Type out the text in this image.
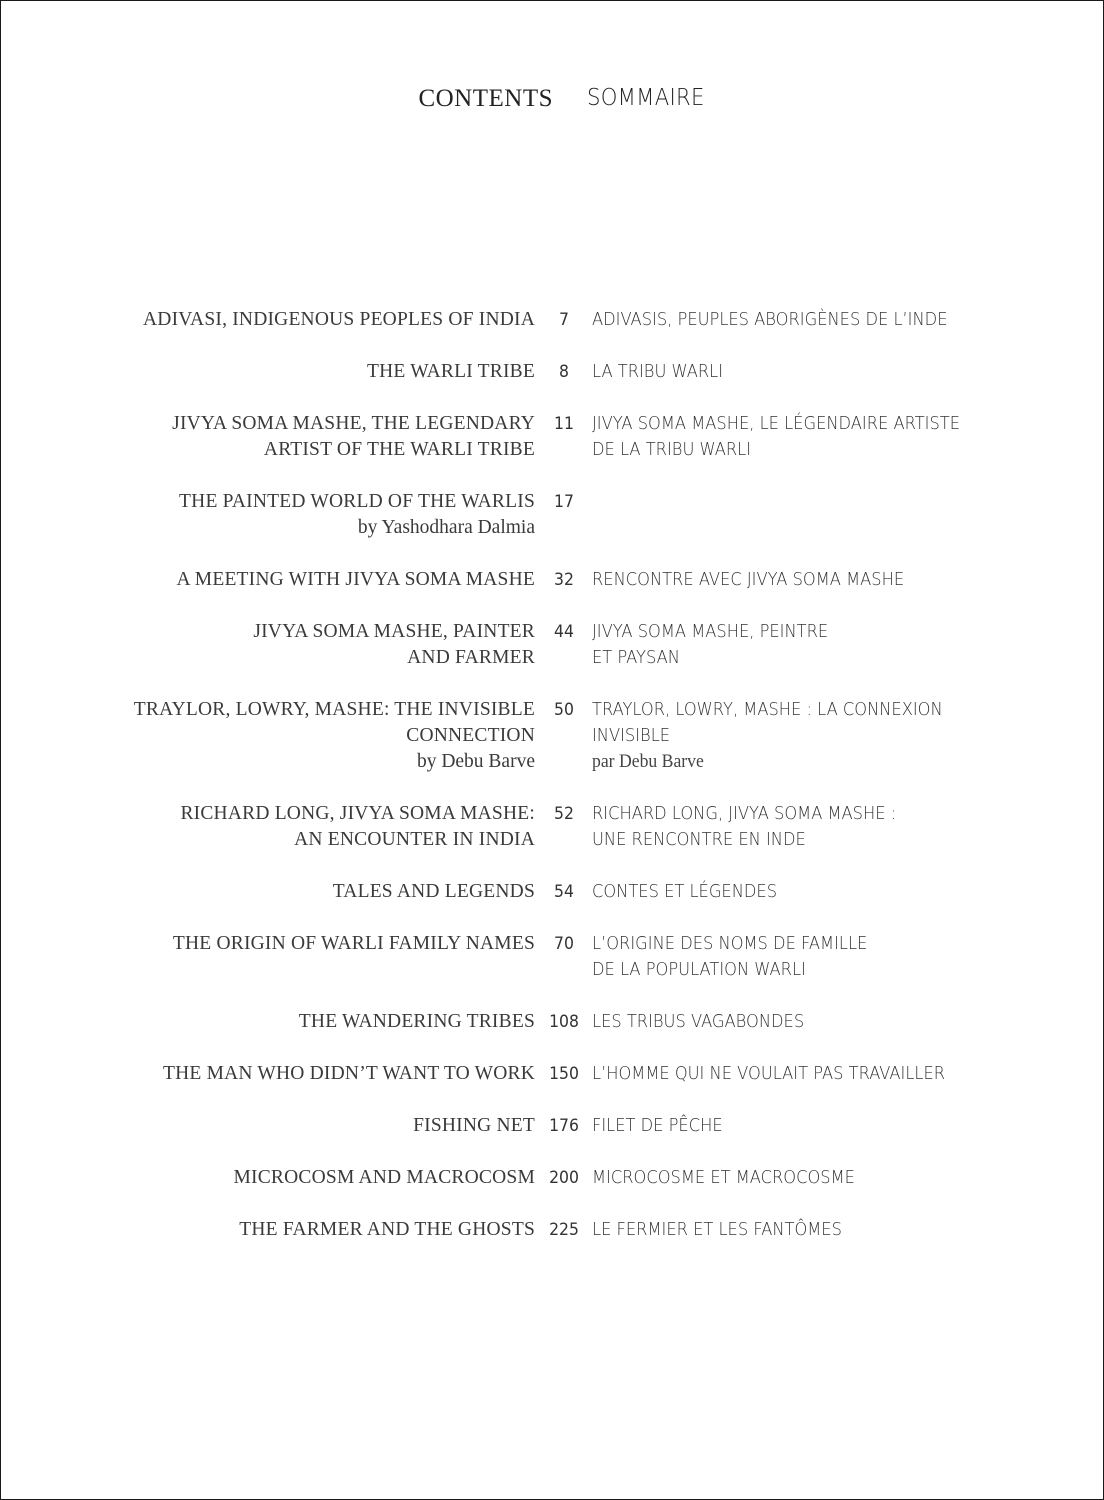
CONTENTS SOMMAIRE
ADIVASI, INDIGENOUS PEOPLES OF INDIA	7	ADIVASIS, PEUPLES ABORIGÈNES DE L’INDE
THE WARLI TRIBE	8	LA TRIBU WARLI
JIVYA SOMA MASHE, THE LEGENDARY
ARTIST OF THE WARLI TRIBE
11	JIVYA SOMA MASHE, LE LÉGENDAIRE ARTISTE
DE LA TRIBU WARLI
THE PAINTED WORLD OF THE WARLIS
by Yashodhara Dalmia
17
A MEETING WITH JIVYA SOMA MASHE	32	RENCONTRE AVEC JIVYA SOMA MASHE
JIVYA SOMA MASHE, PAINTER
AND FARMER
44	JIVYA SOMA MASHE, PEINTRE
ET PAYSAN
TRAYLOR, LOWRY, MASHE: THE INVISIBLE
CONNECTION
by Debu Barve
50	TRAYLOR, LOWRY, MASHE : LA CONNEXION
INVISIBLE
par Debu Barve
RICHARD LONG, JIVYA SOMA MASHE:
AN ENCOUNTER IN INDIA
52	RICHARD LONG, JIVYA SOMA MASHE :
UNE RENCONTRE EN INDE
TALES AND LEGENDS	54	CONTES ET LÉGENDES
THE ORIGIN OF WARLI FAMILY NAMES	70	L’ORIGINE DES NOMS DE FAMILLE
DE LA POPULATION WARLI
THE WANDERING TRIBES 108 LES TRIBUS VAGABONDES
THE MAN WHO DIDN’T WANT TO WORK 150 L’HOMME QUI NE VOULAIT PAS TRAVAILLER
FISHING NET 176 FILET DE PÊCHE
MICROCOSM AND MACROCOSM 200 MICROCOSME ET MACROCOSME
THE FARMER AND THE GHOSTS 225 LE FERMIER ET LES FANTÔMES
